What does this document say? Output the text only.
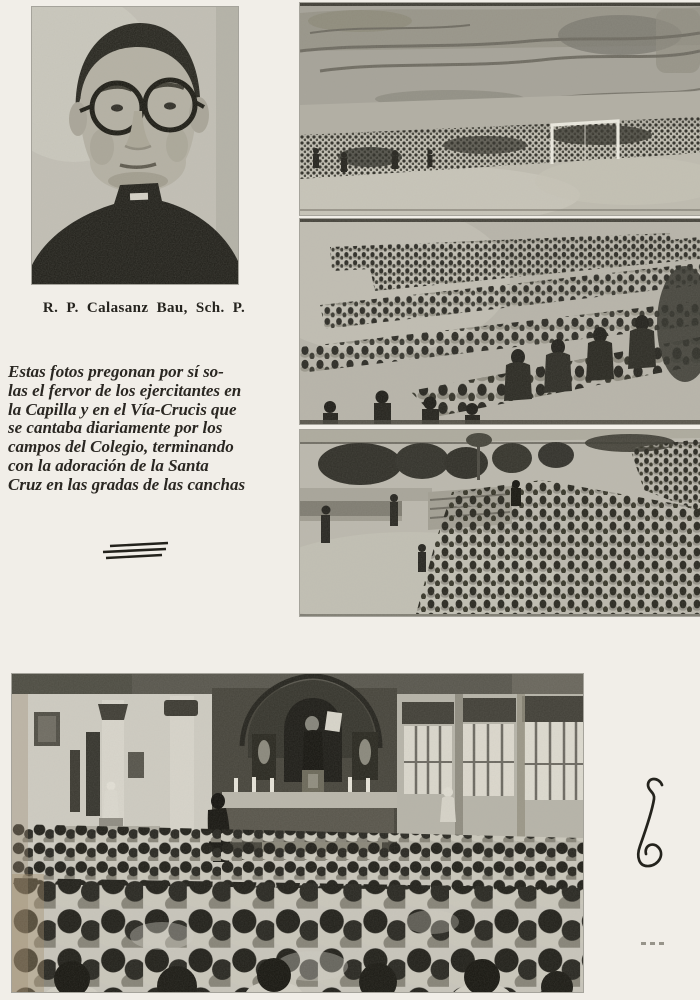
R. P. Calasanz Bau, Sch. P.
Estas fotos pregonan por sí so-
las el fervor de los ejercitantes en
la Capilla y en el Vía-Crucis que
se cantaba diariamente por los
campos del Colegio, terminando
con la adoración de la Santa
Cruz en las gradas de las canchas
